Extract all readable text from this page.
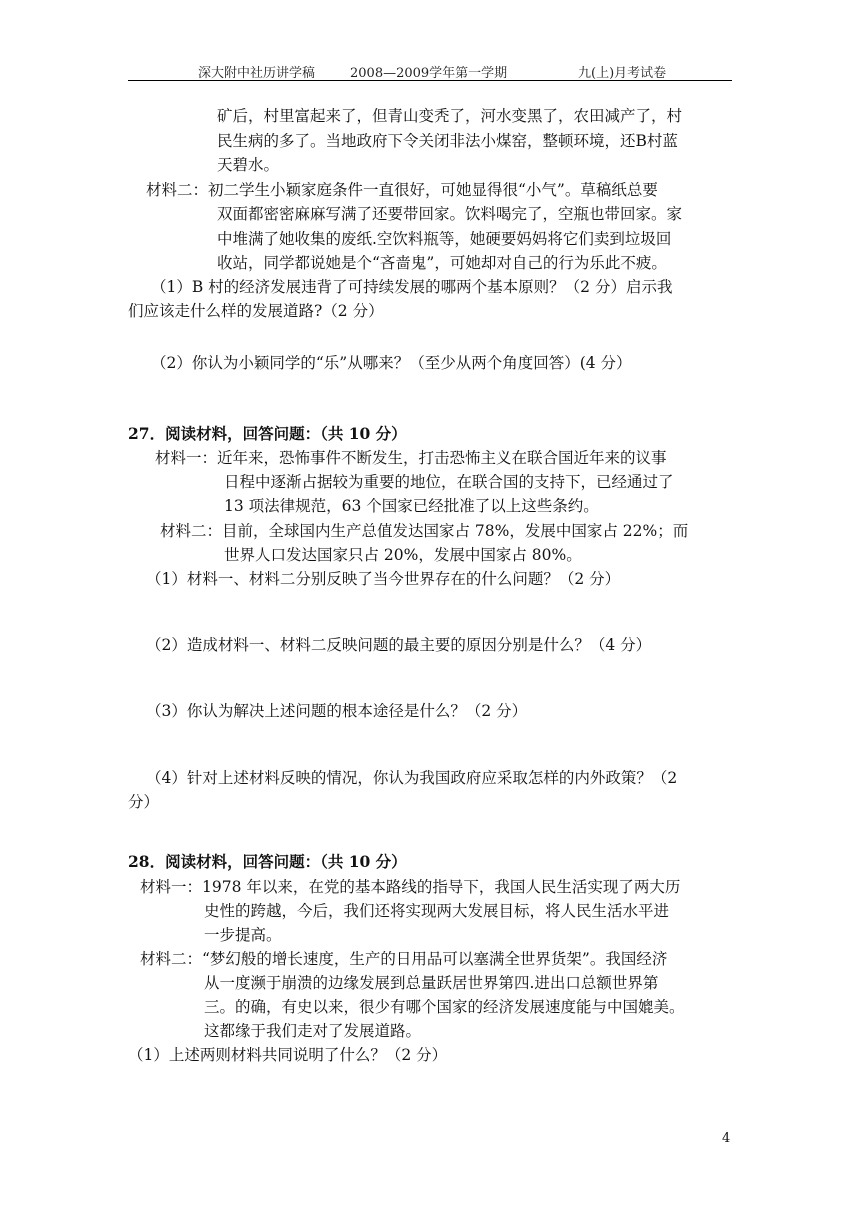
深大附中社历讲学稿	2008—2009学年第一学期	九(上)月考试卷
矿后，村里富起来了，但青山变秃了，河水变黑了，农田减产了，村
民生病的多了。当地政府下令关闭非法小煤窑，整顿环境，还B村蓝
天碧水。
材料二：初二学生小颖家庭条件一直很好，可她显得很“小气”。草稿纸总要
双面都密密麻麻写满了还要带回家。饮料喝完了，空瓶也带回家。家
中堆满了她收集的废纸.空饮料瓶等，她硬要妈妈将它们卖到垃圾回
收站，同学都说她是个“吝啬鬼”，可她却对自己的行为乐此不疲。
（1）B 村的经济发展违背了可持续发展的哪两个基本原则？（2 分）启示我
们应该走什么样的发展道路?（2 分）
（2）你认为小颖同学的“乐”从哪来？（至少从两个角度回答）(4 分）
27．阅读材料，回答问题：（共 10 分）
材料一：近年来，恐怖事件不断发生，打击恐怖主义在联合国近年来的议事
日程中逐渐占据较为重要的地位，在联合国的支持下，已经通过了
13 项法律规范，63 个国家已经批准了以上这些条约。
材料二：目前，全球国内生产总值发达国家占 78%，发展中国家占 22%；而
世界人口发达国家只占 20%，发展中国家占 80%。
（1）材料一、材料二分别反映了当今世界存在的什么问题？（2 分）
（2）造成材料一、材料二反映问题的最主要的原因分别是什么？（4 分）
（3）你认为解决上述问题的根本途径是什么？（2 分）
（4）针对上述材料反映的情况，你认为我国政府应采取怎样的内外政策？（2
分）
28．阅读材料，回答问题：（共 10 分）
材料一：1978 年以来，在党的基本路线的指导下，我国人民生活实现了两大历
史性的跨越，今后，我们还将实现两大发展目标，将人民生活水平进
一步提高。
材料二：“梦幻般的增长速度，生产的日用品可以塞满全世界货架”。我国经济
从一度濒于崩溃的边缘发展到总量跃居世界第四.进出口总额世界第
三。的确，有史以来，很少有哪个国家的经济发展速度能与中国媲美。
这都缘于我们走对了发展道路。
（1）上述两则材料共同说明了什么？（2 分）
4
